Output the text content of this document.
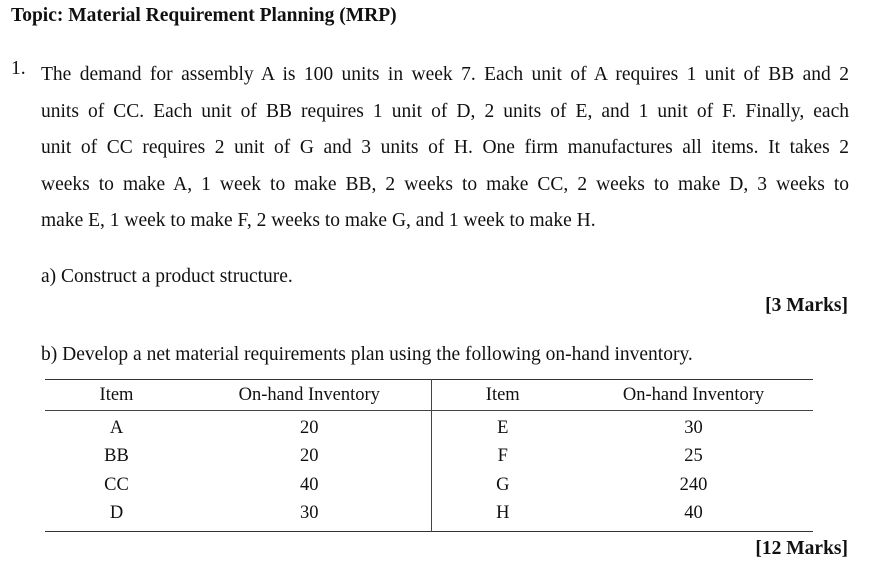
Topic: Material Requirement Planning (MRP)
1. The demand for assembly A is 100 units in week 7. Each unit of A requires 1 unit of BB and 2
units of CC. Each unit of BB requires 1 unit of D, 2 units of E, and 1 unit of F. Finally, each
unit of CC requires 2 unit of G and 3 units of H. One firm manufactures all items. It takes 2
weeks to make A, 1 week to make BB, 2 weeks to make CC, 2 weeks to make D, 3 weeks to
make E, 1 week to make F, 2 weeks to make G, and 1 week to make H.
a) Construct a product structure.
[3 Marks]
b) Develop a net material requirements plan using the following on-hand inventory.
Item	On-hand Inventory	Item	On-hand Inventory
A	20	E	30
BB	20	F	25
CC	40	G	240
D	30	H	40
[12 Marks]
